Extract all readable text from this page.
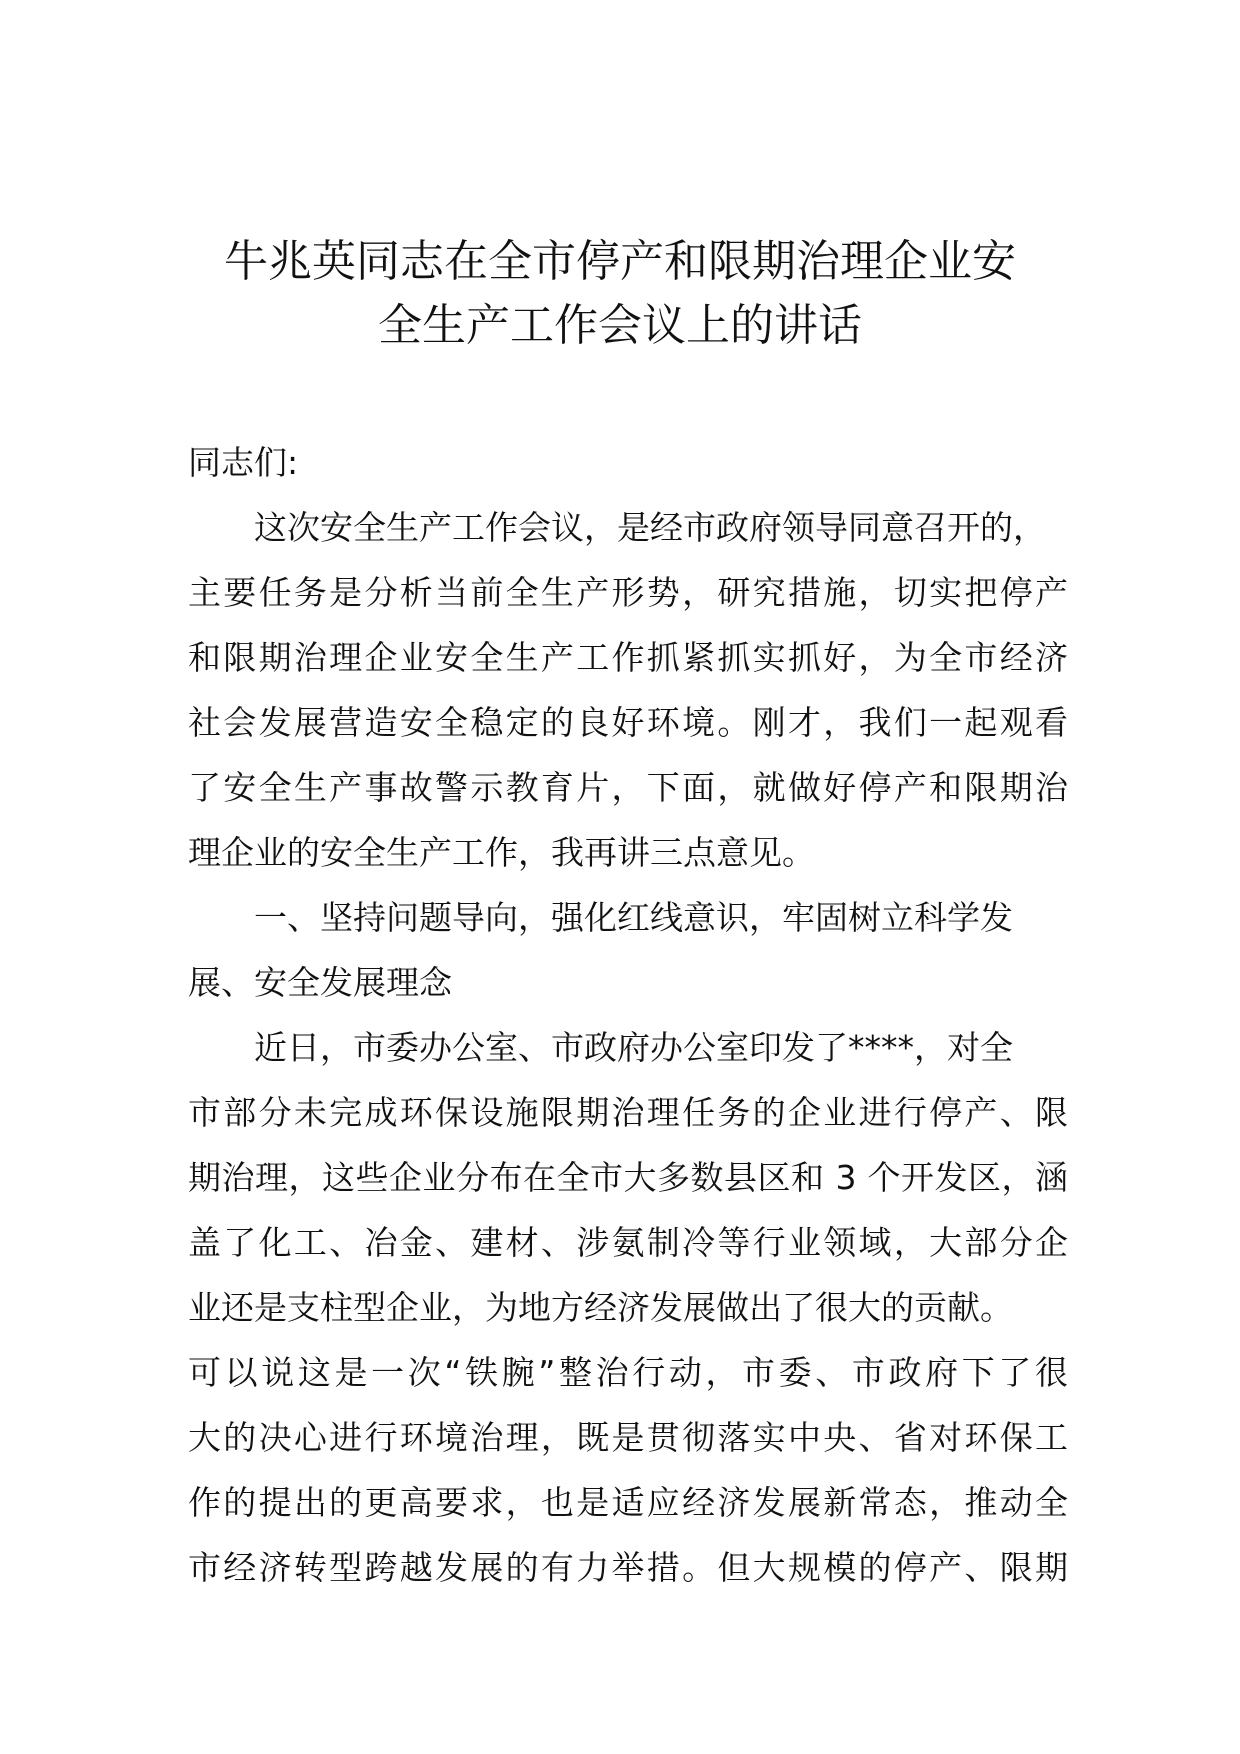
牛兆英同志在全市停产和限期治理企业安
全生产工作会议上的讲话
同志们:
这次安全生产工作会议，是经市政府领导同意召开的，
主要任务是分析当前全生产形势，研究措施，切实把停产
和限期治理企业安全生产工作抓紧抓实抓好，为全市经济
社会发展营造安全稳定的良好环境。刚才，我们一起观看
了安全生产事故警示教育片，下面，就做好停产和限期治
理企业的安全生产工作，我再讲三点意见。
一、坚持问题导向，强化红线意识，牢固树立科学发
展、安全发展理念
近日，市委办公室、市政府办公室印发了****，对全
市部分未完成环保设施限期治理任务的企业进行停产、限
期治理，这些企业分布在全市大多数县区和 3 个开发区，涵
盖了化工、冶金、建材、涉氨制冷等行业领域，大部分企
业还是支柱型企业，为地方经济发展做出了很大的贡献。
可以说这是一次“铁腕”整治行动，市委、市政府下了很
大的决心进行环境治理，既是贯彻落实中央、省对环保工
作的提出的更高要求，也是适应经济发展新常态，推动全
市经济转型跨越发展的有力举措。但大规模的停产、限期
